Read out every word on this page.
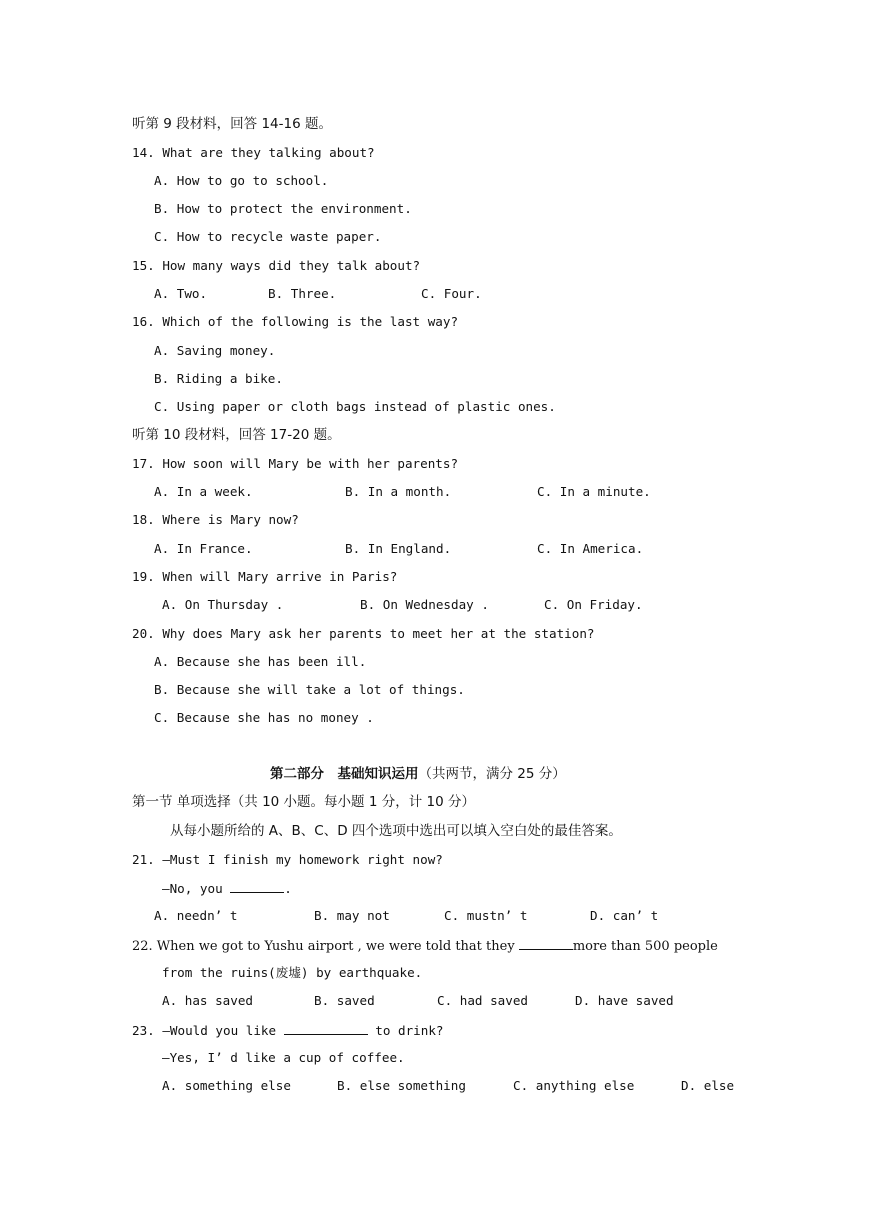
听第 9 段材料，回答 14-16 题。
14. What are they talking about?
A. How to go to school.
B. How to protect the environment.
C. How to recycle waste paper.
15. How many ways did they talk about?
A. Two.	B. Three.	C. Four.
16. Which of the following is the last way?
A. Saving money.
B. Riding a bike.
C. Using paper or cloth bags instead of plastic ones.
听第 10 段材料，回答 17-20 题。
17. How soon will Mary be with her parents?
A. In a week.	B. In a month.	C. In a minute.
18. Where is Mary now?
A. In France.	B. In England.	C. In America.
19. When will Mary arrive in Paris?
A. On Thursday .	B. On Wednesday .	C. On Friday.
20. Why does Mary ask her parents to meet her at the station?
A. Because she has been ill.
B. Because she will take a lot of things.
C. Because she has no money .
第二部分　基础知识运用（共两节，满分 25 分）
第一节 单项选择（共 10 小题。每小题 1 分，计 10 分）
从每小题所给的 A、B、C、D 四个选项中选出可以填入空白处的最佳答案。
21. —Must I finish my homework right now?
—No, you	.
A. needn’ t	B. may not	C. mustn’ t	D. can’ t
22. When we got to Yushu airport , we were told that they	more than 500 people
from the ruins(废墟) by earthquake.
A. has saved	B. saved	C. had saved	D. have saved
23. —Would you like	to drink?
—Yes, I’ d like a cup of coffee.
A. something else	B. else something	C. anything else	D. else
